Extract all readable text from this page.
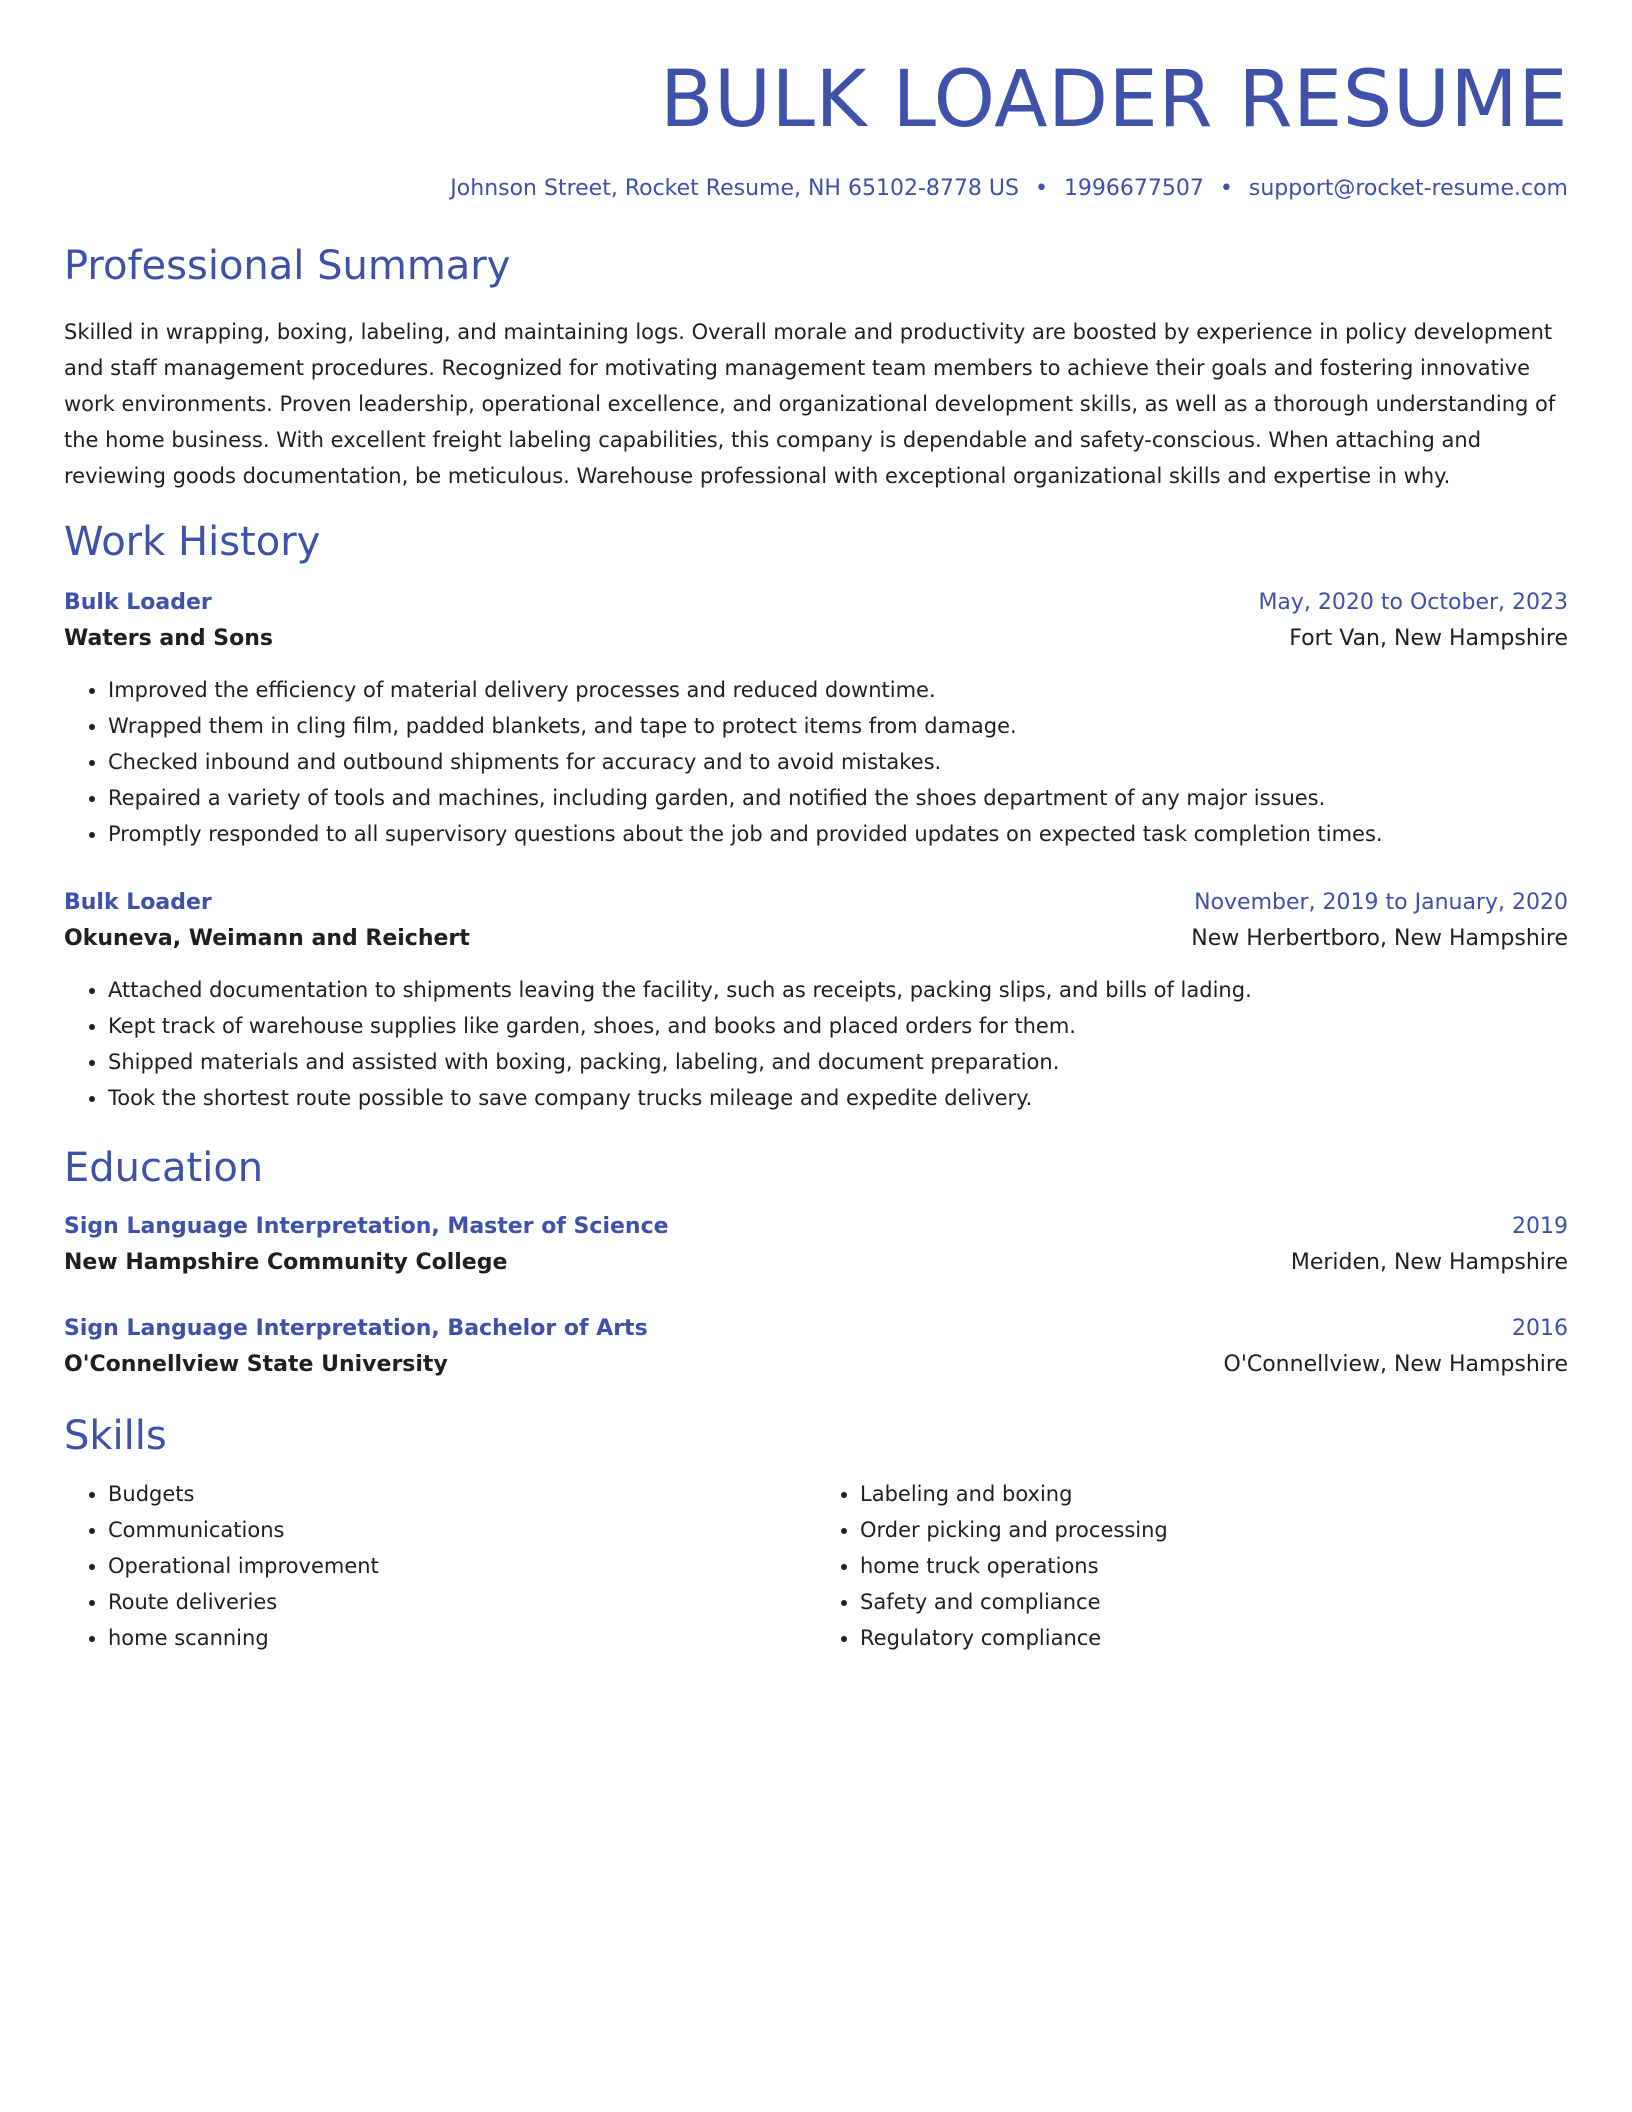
BULK LOADER RESUME
Johnson Street, Rocket Resume, NH 65102-8778 US • 1996677507 • support@rocket-resume.com
Professional Summary

Skilled in wrapping, boxing, labeling, and maintaining logs. Overall morale and productivity are boosted by experience in policy development and staff management procedures. Recognized for motivating management team members to achieve their goals and fostering innovative work environments. Proven leadership, operational excellence, and organizational development skills, as well as a thorough understanding of the home business. With excellent freight labeling capabilities, this company is dependable and safety-conscious. When attaching and reviewing goods documentation, be meticulous. Warehouse professional with exceptional organizational skills and expertise in why.

Work History
Bulk Loader	May, 2020 to October, 2023
Waters and Sons	Fort Van, New Hampshire
• Improved the efficiency of material delivery processes and reduced downtime.
• Wrapped them in cling film, padded blankets, and tape to protect items from damage.
• Checked inbound and outbound shipments for accuracy and to avoid mistakes.
• Repaired a variety of tools and machines, including garden, and notified the shoes department of any major issues.
• Promptly responded to all supervisory questions about the job and provided updates on expected task completion times.
Bulk Loader	November, 2019 to January, 2020
Okuneva, Weimann and Reichert	New Herbertboro, New Hampshire
• Attached documentation to shipments leaving the facility, such as receipts, packing slips, and bills of lading.
• Kept track of warehouse supplies like garden, shoes, and books and placed orders for them.
• Shipped materials and assisted with boxing, packing, labeling, and document preparation.
• Took the shortest route possible to save company trucks mileage and expedite delivery.
Education
Sign Language Interpretation, Master of Science	2019
New Hampshire Community College	Meriden, New Hampshire
Sign Language Interpretation, Bachelor of Arts	2016
O'Connellview State University	O'Connellview, New Hampshire
Skills
• Budgets
• Communications
• Operational improvement
• Route deliveries
• home scanning
• Labeling and boxing
• Order picking and processing
• home truck operations
• Safety and compliance
• Regulatory compliance
